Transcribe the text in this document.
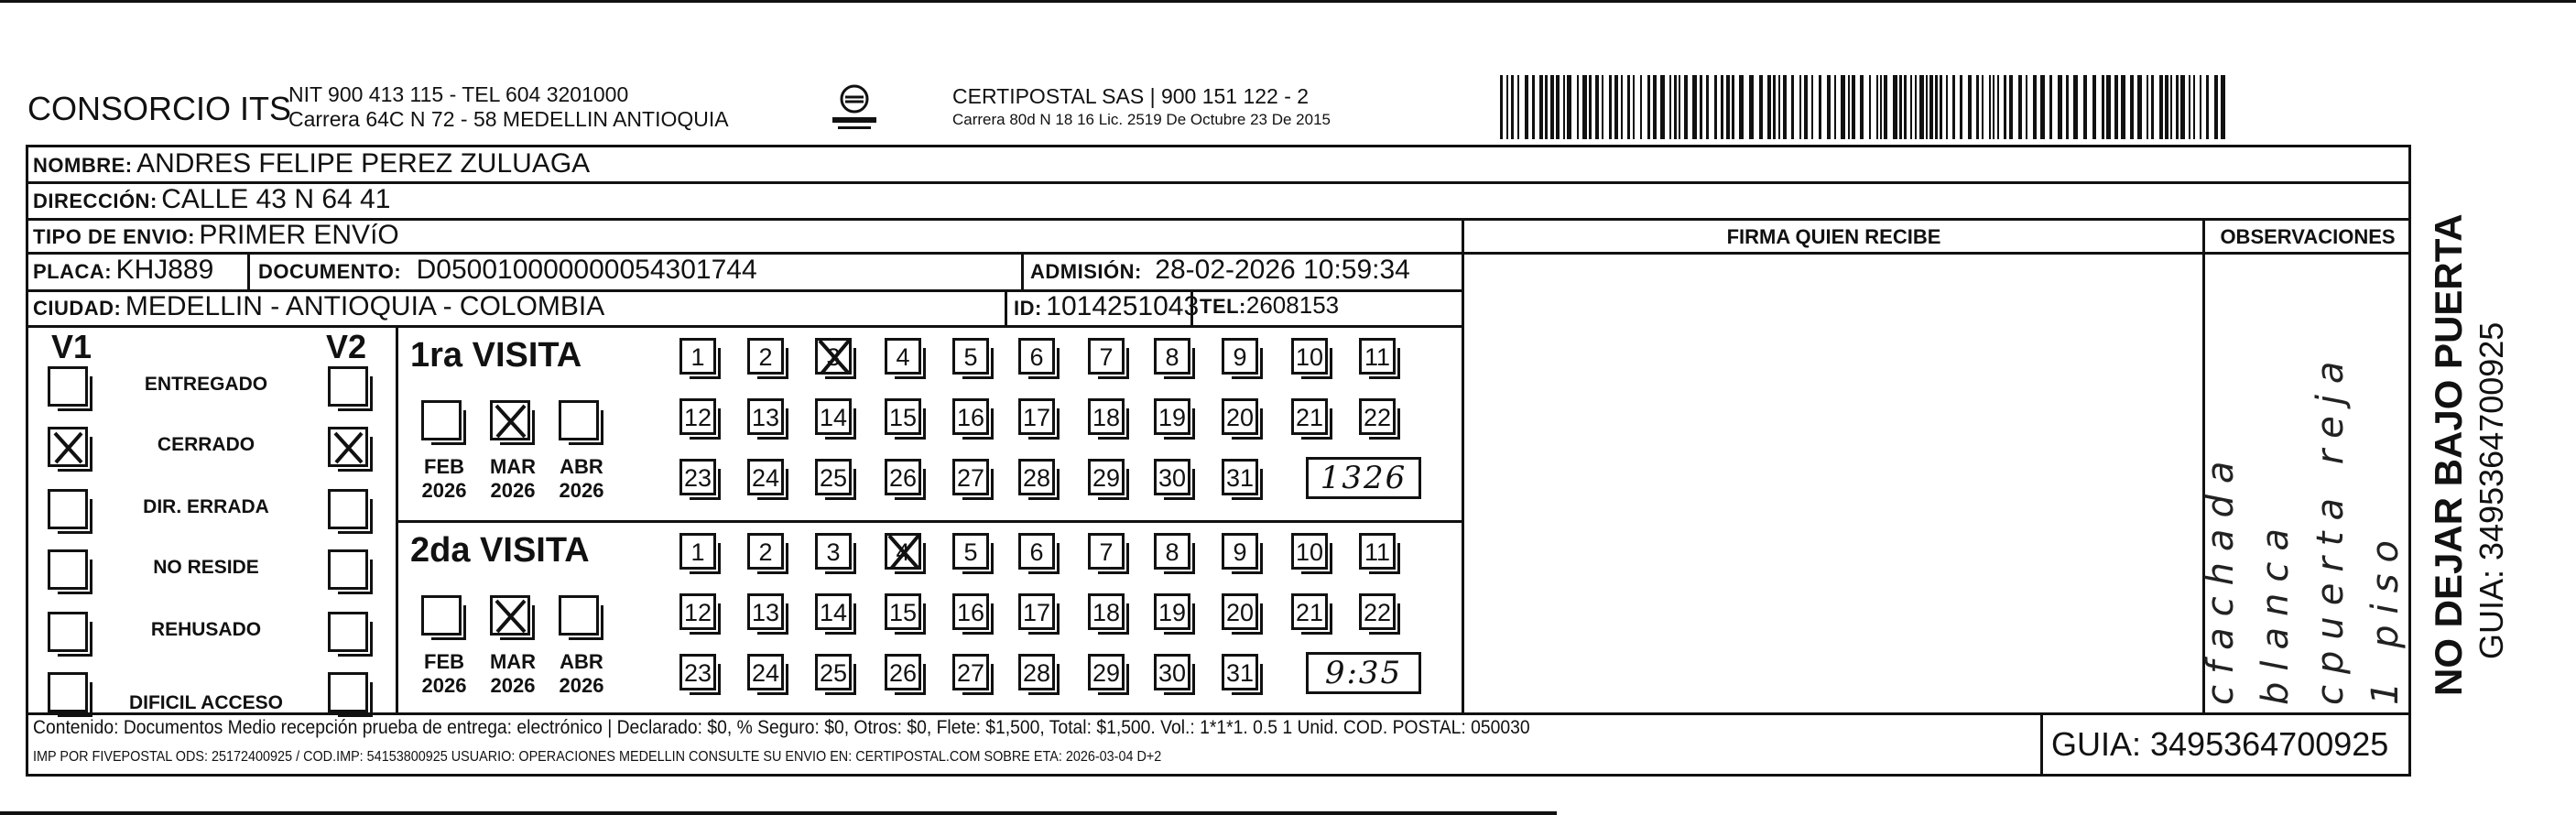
CONSORCIO ITS
NIT 900 413 115 - TEL 604 3201000
Carrera 64C N 72 - 58 MEDELLIN ANTIOQUIA
CERTIPOSTAL SAS | 900 151 122 - 2
Carrera 80d N 18 16 Lic. 2519 De Octubre 23 De 2015
NOMBRE: ANDRES FELIPE PEREZ ZULUAGA
DIRECCIÓN: CALLE 43 N 64 41
TIPO DE ENVIO: PRIMER ENVíO	FIRMA QUIEN RECIBE	OBSERVACIONES
PLACA: KHJ889 DOCUMENTO: D050010000000054301744	ADMISIÓN: 28-02-2026 10:59:34
CIUDAD: MEDELLIN - ANTIOQUIA - COLOMBIA	ID: 1014251043 TEL:2608153
V1	V2
ENTREGADO
CERRADO
DIR. ERRADA
NO RESIDE
REHUSADO
DIFICIL ACCESO
1ra VISITA
FEB
2026
MAR
2026
ABR
2026
1	2	3	4	5	6	7	8	9	10 11
12 13 14 15 16 17 18 19 20 21 22
23 24 25 26 27 28 29 30 31	1326
2da VISITA
FEB
2026
MAR
2026
ABR
2026
1	2	3	4	5	6	7	8	9	10 11
12 13 14 15 16 17 18 19 20 21 22
23 24 25 26 27 28 29 30 31	9:35	cfachada blanca cpuerta reja 1 piso
Contenido: Documentos Medio recepción prueba de entrega: electrónico | Declarado: $0, % Seguro: $0, Otros: $0, Flete: $1,500, Total: $1,500. Vol.: 1*1*1. 0.5 1 Unid. COD. POSTAL: 050030
IMP POR FIVEPOSTAL ODS: 25172400925 / COD.IMP: 54153800925 USUARIO: OPERACIONES MEDELLIN CONSULTE SU ENVIO EN: CERTIPOSTAL.COM SOBRE ETA: 2026-03-04 D+2	GUIA: 3495364700925
NO DEJAR BAJO PUERTA GUIA: 3495364700925
